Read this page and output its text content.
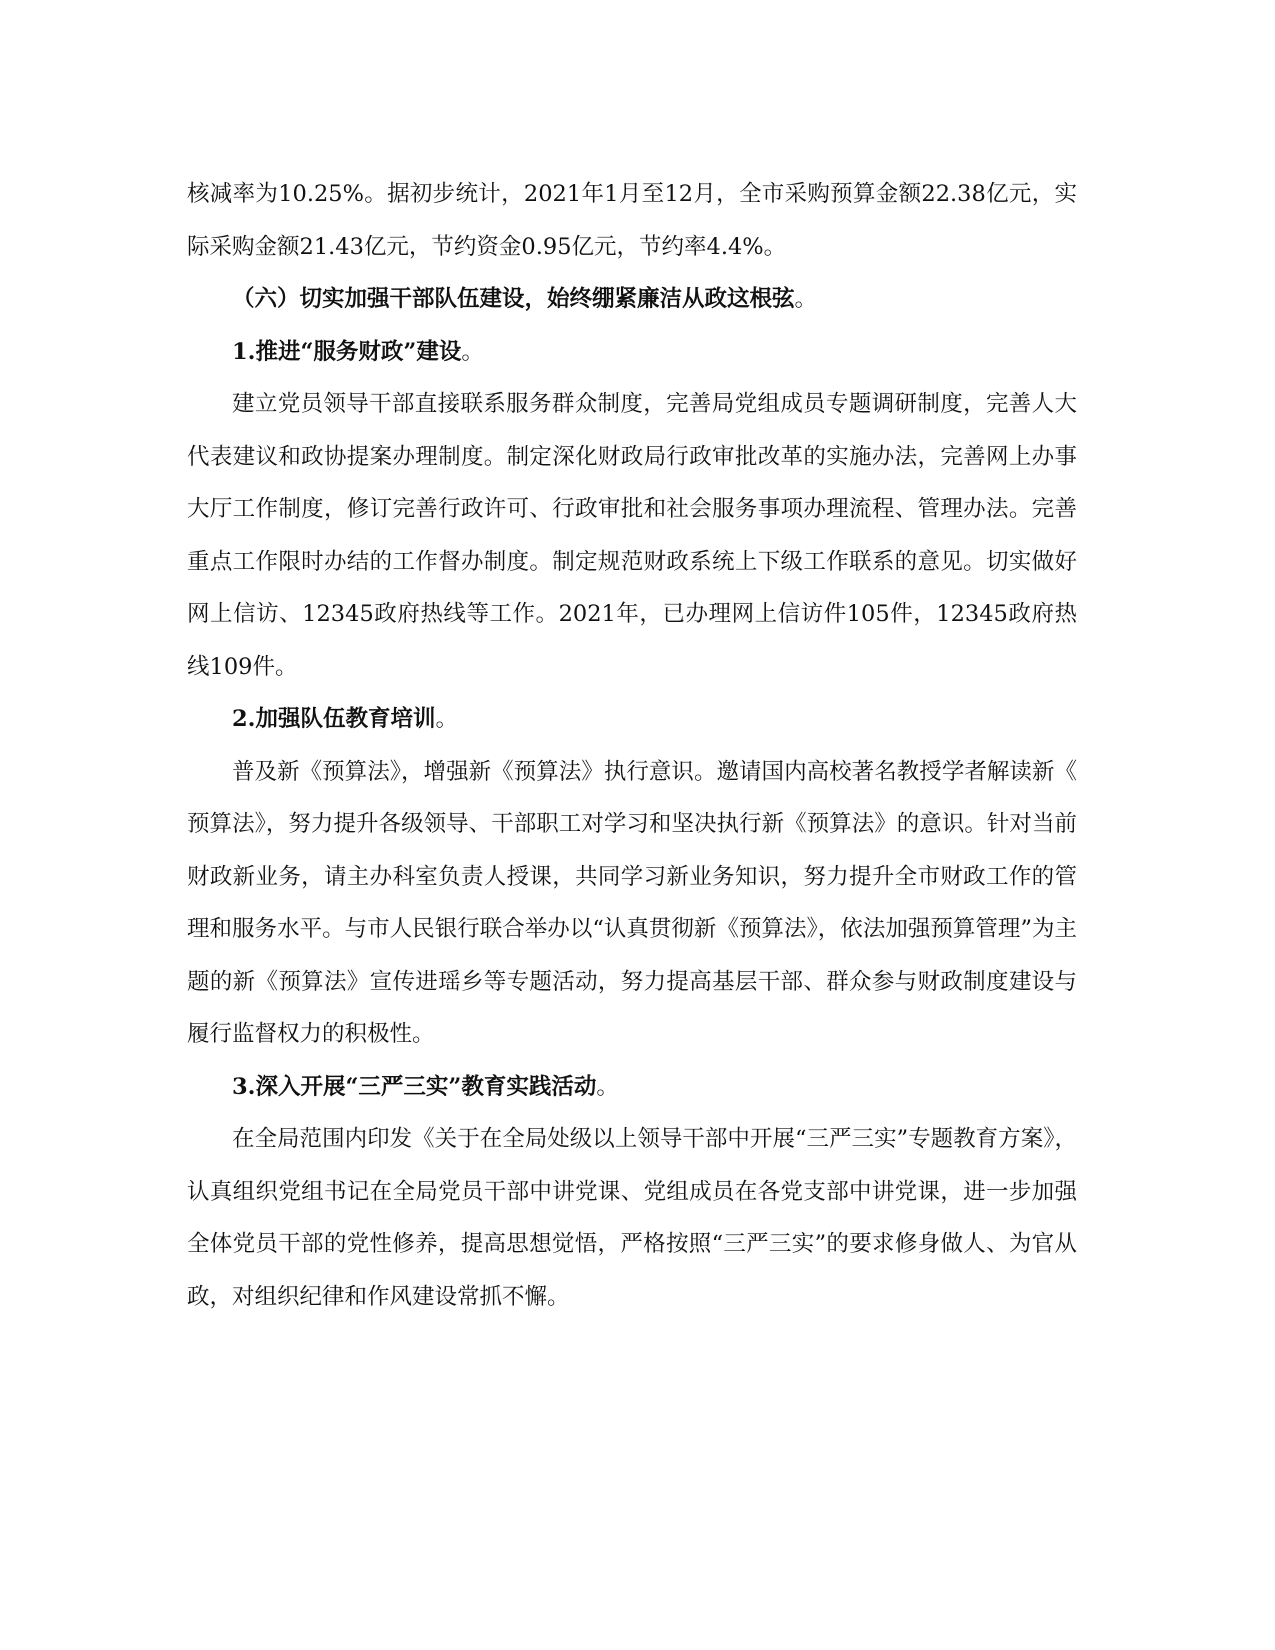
核减率为10.25%。据初步统计，2021年1月至12月，全市采购预算金额22.38亿元，实际采购金额21.43亿元，节约资金0.95亿元，节约率4.4%。

（六）切实加强干部队伍建设，始终绷紧廉洁从政这根弦。

1.推进“服务财政”建设。

建立党员领导干部直接联系服务群众制度，完善局党组成员专题调研制度，完善人大代表建议和政协提案办理制度。制定深化财政局行政审批改革的实施办法，完善网上办事大厅工作制度，修订完善行政许可、行政审批和社会服务事项办理流程、管理办法。完善重点工作限时办结的工作督办制度。制定规范财政系统上下级工作联系的意见。切实做好网上信访、12345政府热线等工作。2021年，已办理网上信访件105件，12345政府热线109件。

2.加强队伍教育培训。

普及新《预算法》，增强新《预算法》执行意识。邀请国内高校著名教授学者解读新《预算法》，努力提升各级领导、干部职工对学习和坚决执行新《预算法》的意识。针对当前财政新业务，请主办科室负责人授课，共同学习新业务知识，努力提升全市财政工作的管理和服务水平。与市人民银行联合举办以“认真贯彻新《预算法》，依法加强预算管理”为主题的新《预算法》宣传进瑶乡等专题活动，努力提高基层干部、群众参与财政制度建设与履行监督权力的积极性。

3.深入开展“三严三实”教育实践活动。

在全局范围内印发《关于在全局处级以上领导干部中开展“三严三实”专题教育方案》，认真组织党组书记在全局党员干部中讲党课、党组成员在各党支部中讲党课，进一步加强全体党员干部的党性修养，提高思想觉悟，严格按照“三严三实”的要求修身做人、为官从政，对组织纪律和作风建设常抓不懈。
